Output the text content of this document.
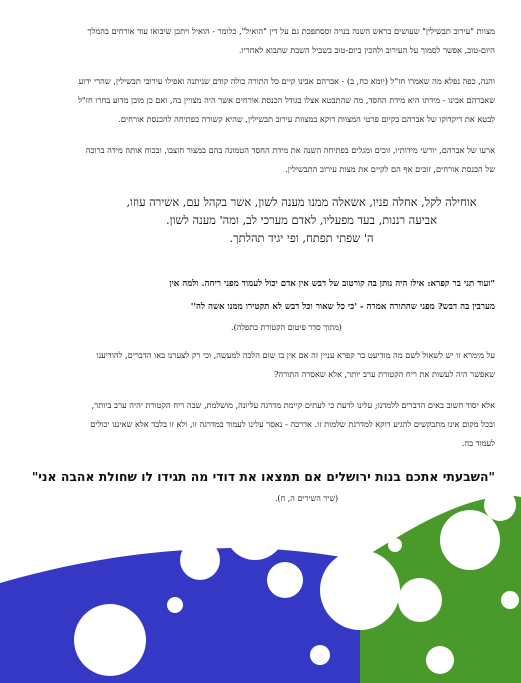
מצוות "עירוב תבשילין" שעושים בראש השנה בנויה וססתפכת גם על דין "הואיל", כלומר - הואיל ויתכן שיבואו עוד אורחים בהמלך היום-טוב, אפשר לסמוך על העירוב ולהכין ביום-טוב בשביל השבת שתבוא לאחריו.

והנה, כפה נפלא מה שאמרו חז"ל (יומא כח, ב) - אברהם אבינו קיים כל התורה כולה קודם שניתנה ואפילו עירובי תבשילין, שהרי ידוע שאברהם אבינו - מידתו היא מידת החסד, מה שהתבטא אצלו בגודל הכנסת אורחים אשר היה מצויין בה, ואם כן מובן מדוע בחרו חז"ל לבטא את דיקדוקו של אברהם בקיום פרטי המצוות דוקא במצוות עירוב תבשילין, שהיא קשורה בפתיחה להכנסת אורחים.

ארעו של אברהם, יורשי מידותיו, זוכים ומגלים בפתיחה השנה את מידת החסד הטמונה בהם במצור חוצבו, ובכוח אותה מידה ברוכה של הכנסת אורחים, זוכים אף הם לקיים את מצות עירוב התבשילין.

אוחילה לקל, אחלה פניו, אשאלה ממנו מענה לשון, אשר בקהל עם, אשירה עוזו,
אביעה רננות, בעד מפעליו, לאדם מערכי לב, ומה' מענה לשון.
ה' שפתי תפתח, ופי יגיד תהלתך.
"ועוד תני בר קפרא: אילו היה נותן בה קורטוב של דבש אין אדם יכול לעמוד מפני ריחה. ולמה אין
מערבין בה דבש? מפני שהתורה אמרה - 'כי כל שאור וכל דבש לא תקטירו ממנו אשה לה''
(מתוך סדר פיטום הקטורת בתפלה).

על מימרא זו יש לשאול לשם מה מודיעט בר קפרא עניין זה אם אין בו שום הלכה למעשה, וכי רק לצערנו באו הדברים, להודיענו שאפשר היה לעשות את ריח הקטורת ערב יותר, אלא שאסרה התורה?

אלא יסוד חשוב באים הדברים ללמדנו; עלינו לדעת כי לעתים קיימת מדרגה עליונה, מושלמת, שבה ריח הקטורת יהיה ערב ביותר, ובכל מקום אינו מתבקשים להגיע דוקא למדרגת שלמות זו. אדרבה - נאסר עלינו לעמוד במדרגה זו, ולא זו בלבד אלא שאיננו יכולים לעמוד בה.

"השבעתי אתכם בנות ירושלים אם תמצאו את דודי מה תגידו לו שחולת אהבה אני"
(שיר השירים ה, ח).
